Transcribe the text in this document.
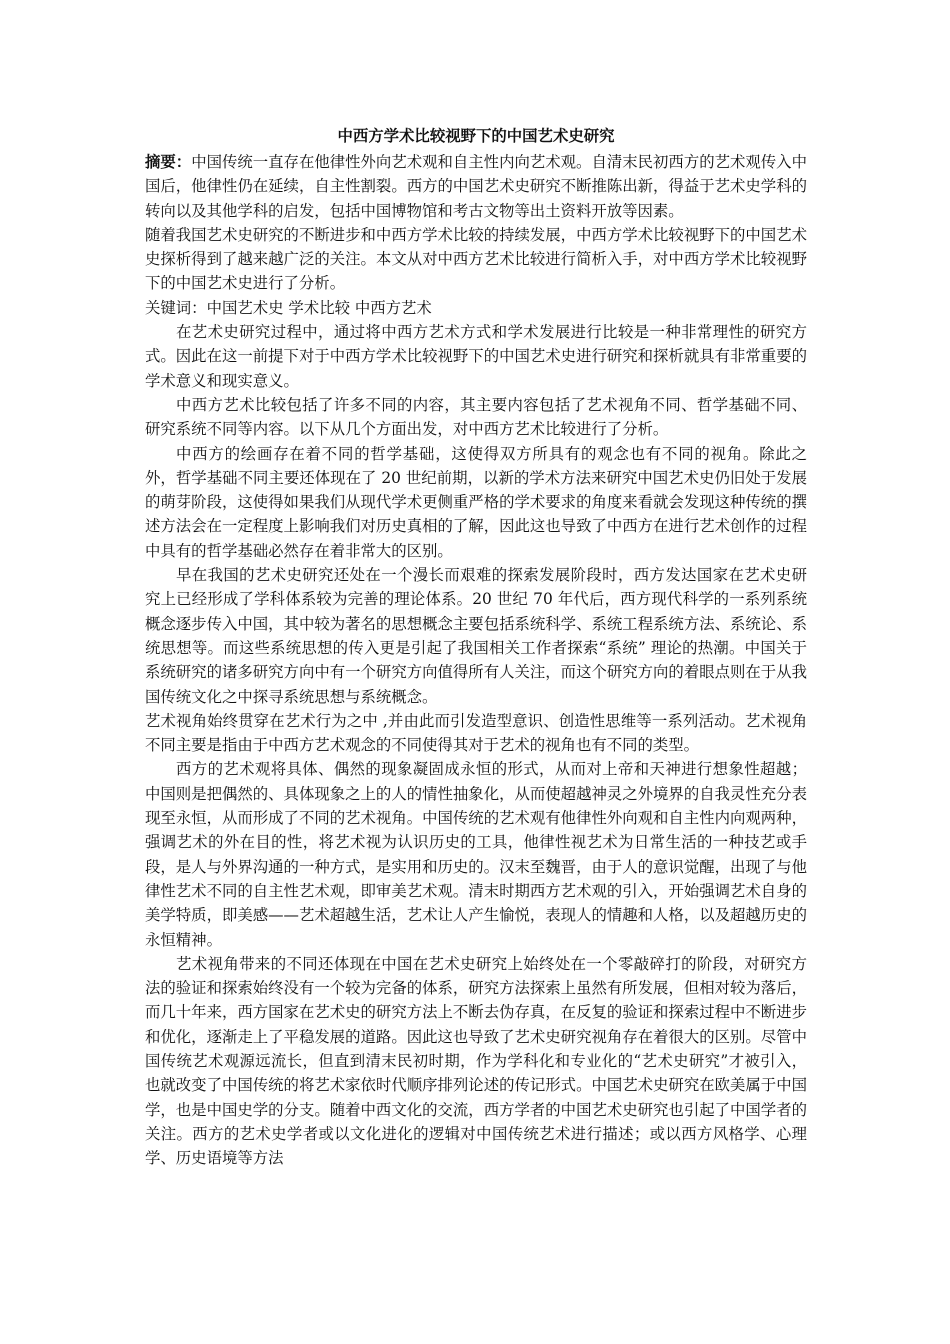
中西方学术比较视野下的中国艺术史研究

摘要：中国传统一直存在他律性外向艺术观和自主性内向艺术观。自清末民初西方的艺术观传入中国后，他律性仍在延续，自主性割裂。西方的中国艺术史研究不断推陈出新，得益于艺术史学科的转向以及其他学科的启发，包括中国博物馆和考古文物等出土资料开放等因素。

随着我国艺术史研究的不断进步和中西方学术比较的持续发展，中西方学术比较视野下的中国艺术史探析得到了越来越广泛的关注。本文从对中西方艺术比较进行简析入手，对中西方学术比较视野下的中国艺术史进行了分析。

关键词：中国艺术史 学术比较 中西方艺术

在艺术史研究过程中，通过将中西方艺术方式和学术发展进行比较是一种非常理性的研究方式。因此在这一前提下对于中西方学术比较视野下的中国艺术史进行研究和探析就具有非常重要的学术意义和现实意义。

中西方艺术比较包括了许多不同的内容，其主要内容包括了艺术视角不同、哲学基础不同、研究系统不同等内容。以下从几个方面出发，对中西方艺术比较进行了分析。

中西方的绘画存在着不同的哲学基础，这使得双方所具有的观念也有不同的视角。除此之外，哲学基础不同主要还体现在了 20 世纪前期，以新的学术方法来研究中国艺术史仍旧处于发展的萌芽阶段，这使得如果我们从现代学术更侧重严格的学术要求的角度来看就会发现这种传统的撰述方法会在一定程度上影响我们对历史真相的了解，因此这也导致了中西方在进行艺术创作的过程中具有的哲学基础必然存在着非常大的区别。

早在我国的艺术史研究还处在一个漫长而艰难的探索发展阶段时，西方发达国家在艺术史研究上已经形成了学科体系较为完善的理论体系。20 世纪 70 年代后，西方现代科学的一系列系统概念逐步传入中国，其中较为著名的思想概念主要包括系统科学、系统工程系统方法、系统论、系统思想等。而这些系统思想的传入更是引起了我国相关工作者探索“系统” 理论的热潮。中国关于系统研究的诸多研究方向中有一个研究方向值得所有人关注，而这个研究方向的着眼点则在于从我国传统文化之中探寻系统思想与系统概念。

艺术视角始终贯穿在艺术行为之中 ,并由此而引发造型意识、创造性思维等一系列活动。艺术视角不同主要是指由于中西方艺术观念的不同使得其对于艺术的视角也有不同的类型。

西方的艺术观将具体、偶然的现象凝固成永恒的形式，从而对上帝和天神进行想象性超越；中国则是把偶然的、具体现象之上的人的情性抽象化，从而使超越神灵之外境界的自我灵性充分表现至永恒，从而形成了不同的艺术视角。中国传统的艺术观有他律性外向观和自主性内向观两种，强调艺术的外在目的性，将艺术视为认识历史的工具，他律性视艺术为日常生活的一种技艺或手段，是人与外界沟通的一种方式，是实用和历史的。汉末至魏晋，由于人的意识觉醒，出现了与他律性艺术不同的自主性艺术观，即审美艺术观。清末时期西方艺术观的引入，开始强调艺术自身的美学特质，即美感——艺术超越生活，艺术让人产生愉悦，表现人的情趣和人格，以及超越历史的永恒精神。

艺术视角带来的不同还体现在中国在艺术史研究上始终处在一个零敲碎打的阶段，对研究方法的验证和探索始终没有一个较为完备的体系，研究方法探索上虽然有所发展，但相对较为落后，而几十年来，西方国家在艺术史的研究方法上不断去伪存真，在反复的验证和探索过程中不断进步和优化，逐渐走上了平稳发展的道路。因此这也导致了艺术史研究视角存在着很大的区别。尽管中国传统艺术观源远流长，但直到清末民初时期，作为学科化和专业化的“艺术史研究”才被引入，也就改变了中国传统的将艺术家依时代顺序排列论述的传记形式。中国艺术史研究在欧美属于中国学，也是中国史学的分支。随着中西文化的交流，西方学者的中国艺术史研究也引起了中国学者的关注。西方的艺术史学者或以文化进化的逻辑对中国传统艺术进行描述；或以西方风格学、心理学、历史语境等方法
